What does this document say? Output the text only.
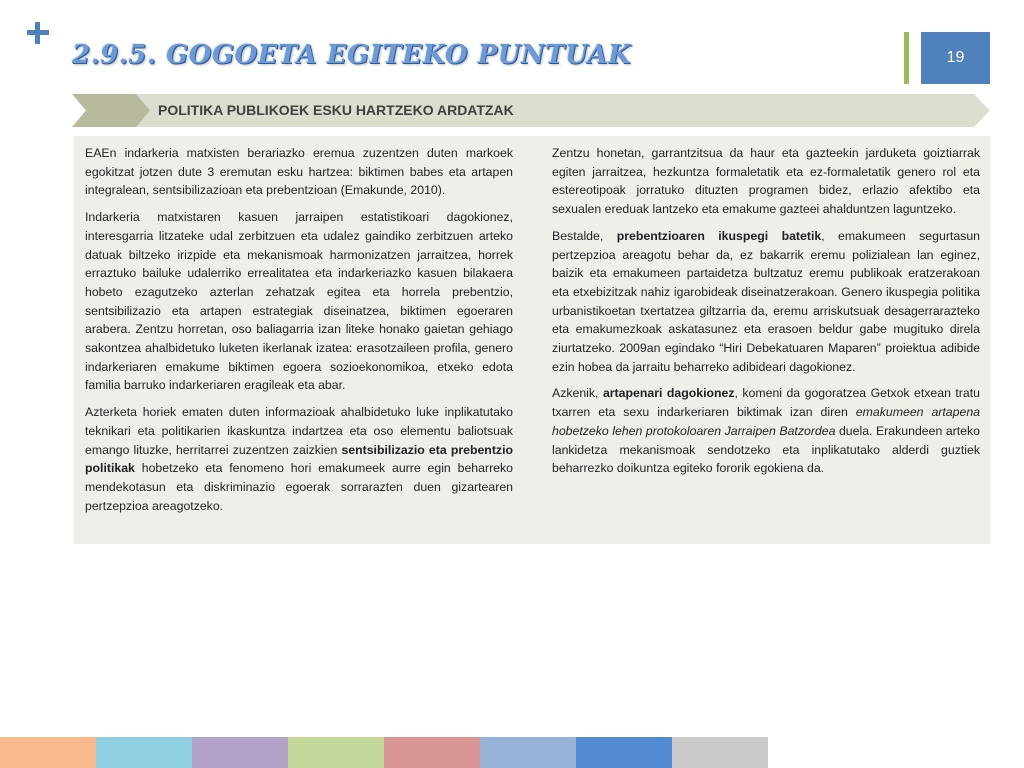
2.9.5. GOGOETA EGITEKO PUNTUAK	19
POLITIKA PUBLIKOEK ESKU HARTZEKO ARDATZAK

EAEn indarkeria matxisten berariazko eremua zuzentzen duten markoek egokitzat jotzen dute 3 eremutan esku hartzea: biktimen babes eta artapen integralean, sentsibilizazioan eta prebentzioan (Emakunde, 2010).

Indarkeria matxistaren kasuen jarraipen estatistikoari dagokionez, interesgarria litzateke udal zerbitzuen eta udalez gaindiko zerbitzuen arteko datuak biltzeko irizpide eta mekanismoak harmonizatzen jarraitzea, horrek erraztuko bailuke udalerriko errealitatea eta indarkeriazko kasuen bilakaera hobeto ezagutzeko azterlan zehatzak egitea eta horrela prebentzio, sentsibilizazio eta artapen estrategiak diseinatzea, biktimen egoeraren arabera. Zentzu horretan, oso baliagarria izan liteke honako gaietan gehiago sakontzea ahalbidetuko luketen ikerlanak izatea: erasotzaileen profila, genero indarkeriaren emakume biktimen egoera sozioekonomikoa, etxeko edota familia barruko indarkeriaren eragileak eta abar.

Azterketa horiek ematen duten informazioak ahalbidetuko luke inplikatutako teknikari eta politikarien ikaskuntza indartzea eta oso elementu baliotsuak emango lituzke, herritarrei zuzentzen zaizkien sentsibilizazio eta prebentzio politikak hobetzeko eta fenomeno hori emakumeek aurre egin beharreko mendekotasun eta diskriminazio egoerak sorrarazten duen gizartearen pertzepzioa areagotzeko.

Zentzu honetan, garrantzitsua da haur eta gazteekin jarduketa goiztiarrak egiten jarraitzea, hezkuntza formaletatik eta ez-formaletatik genero rol eta estereotipoak jorratuko dituzten programen bidez, erlazio afektibo eta sexualen ereduak lantzeko eta emakume gazteei ahalduntzen laguntzeko.

Bestalde, prebentzioaren ikuspegi batetik, emakumeen segurtasun pertzepzioa areagotu behar da, ez bakarrik eremu polizialean lan eginez, baizik eta emakumeen partaidetza bultzatuz eremu publikoak eratzerakoan eta etxebizitzak nahiz igarobideak diseinatzerakoan. Genero ikuspegia politika urbanistikoetan txertatzea giltzarria da, eremu arriskutsuak desagerrarazteko eta emakumezkoak askatasunez eta erasoen beldur gabe mugituko direla ziurtatzeko. 2009an egindako “Hiri Debekatuaren Maparen” proiektua adibide ezin hobea da jarraitu beharreko adibideari dagokionez.

Azkenik, artapenari dagokionez, komeni da gogoratzea Getxok etxean tratu txarren eta sexu indarkeriaren biktimak izan diren emakumeen artapena hobetzeko lehen protokoloaren Jarraipen Batzordea duela. Erakundeen arteko lankidetza mekanismoak sendotzeko eta inplikatutako alderdi guztiek beharrezko doikuntza egiteko fororik egokiena da.
